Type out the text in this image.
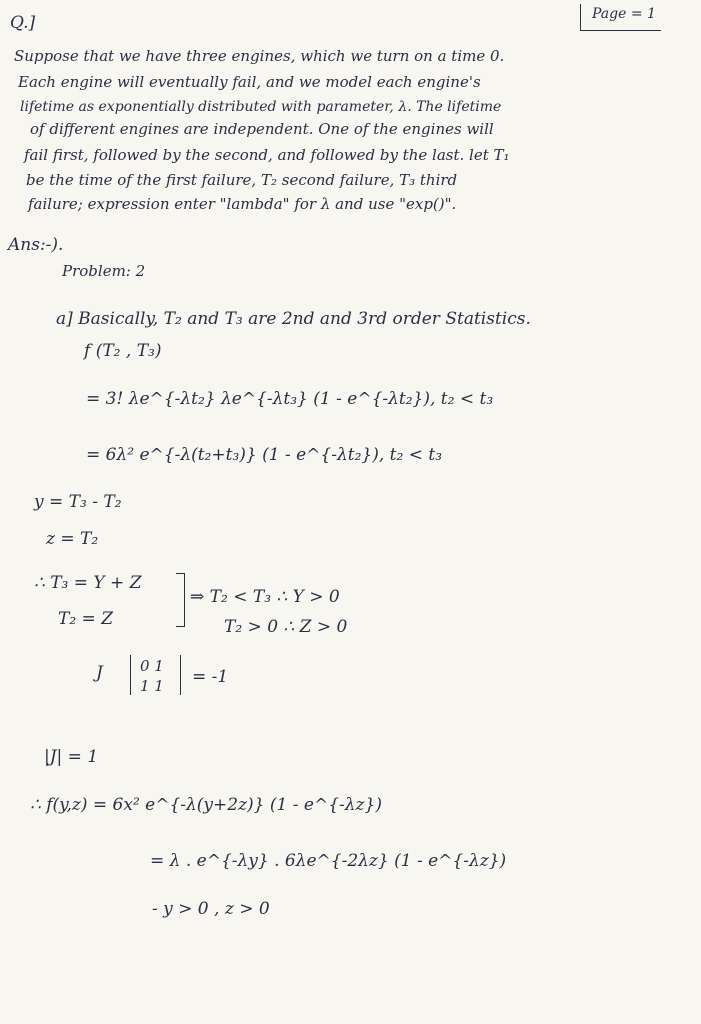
Q.]	Page = 1
Suppose that we have three engines, which we turn on a time 0.
Each engine will eventually fail, and we model each engine's
lifetime as exponentially distributed with parameter, λ. The lifetime
of different engines are independent. One of the engines will
fail first, followed by the second, and followed by the last. let T₁
be the time of the first failure, T₂ second failure, T₃ third
failure; expression enter "lambda" for λ and use "exp()".
Ans:-).
Problem: 2
a] Basically, T₂ and T₃ are 2nd and 3rd order Statistics.
f (T₂ , T₃)
= 3! λe^{-λt₂} λe^{-λt₃} (1 - e^{-λt₂}), t₂ < t₃
= 6λ² e^{-λ(t₂+t₃)} (1 - e^{-λt₂}), t₂ < t₃
y = T₃ - T₂
z = T₂
∴ T₃ = Y + Z
T₂ = Z
⇒ T₂ < T₃ ∴ Y > 0
T₂ > 0 ∴ Z > 0
J 0 1
1 1 = -1
|J| = 1
∴ f(y,z) = 6x² e^{-λ(y+2z)} (1 - e^{-λz})
= λ . e^{-λy} . 6λe^{-2λz} (1 - e^{-λz})
- y > 0 , z > 0
